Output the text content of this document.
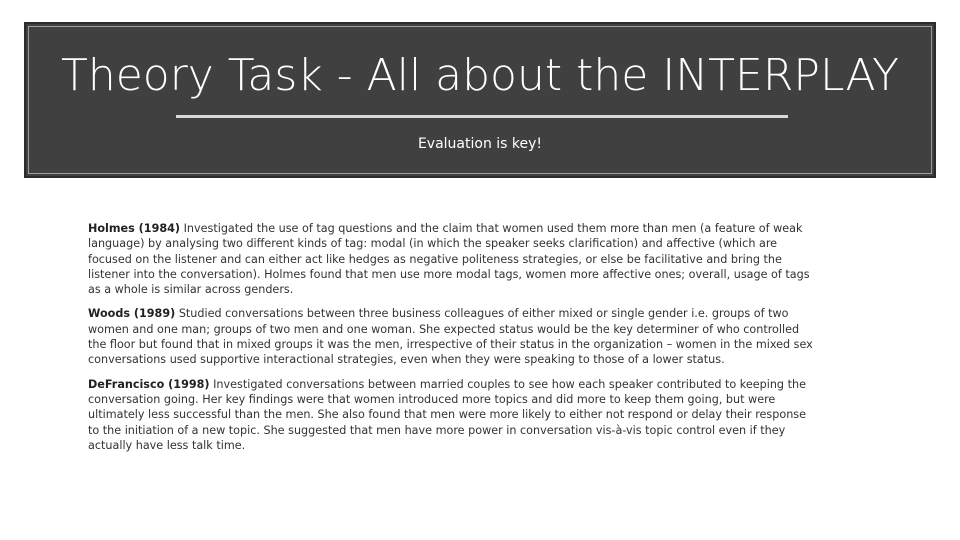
Theory Task - All about the INTERPLAY
Evaluation is key!

Holmes (1984) Investigated the use of tag questions and the claim that women used them more than men (a feature of weak language) by analysing two different kinds of tag: modal (in which the speaker seeks clarification) and affective (which are focused on the listener and can either act like hedges as negative politeness strategies, or else be facilitative and bring the listener into the conversation). Holmes found that men use more modal tags, women more affective ones; overall, usage of tags as a whole is similar across genders.

Woods (1989) Studied conversations between three business colleagues of either mixed or single gender i.e. groups of two women and one man; groups of two men and one woman. She expected status would be the key determiner of who controlled the floor but found that in mixed groups it was the men, irrespective of their status in the organization – women in the mixed sex conversations used supportive interactional strategies, even when they were speaking to those of a lower status.

DeFrancisco (1998) Investigated conversations between married couples to see how each speaker contributed to keeping the conversation going. Her key findings were that women introduced more topics and did more to keep them going, but were ultimately less successful than the men. She also found that men were more likely to either not respond or delay their response to the initiation of a new topic. She suggested that men have more power in conversation vis-à-vis topic control even if they actually have less talk time.
